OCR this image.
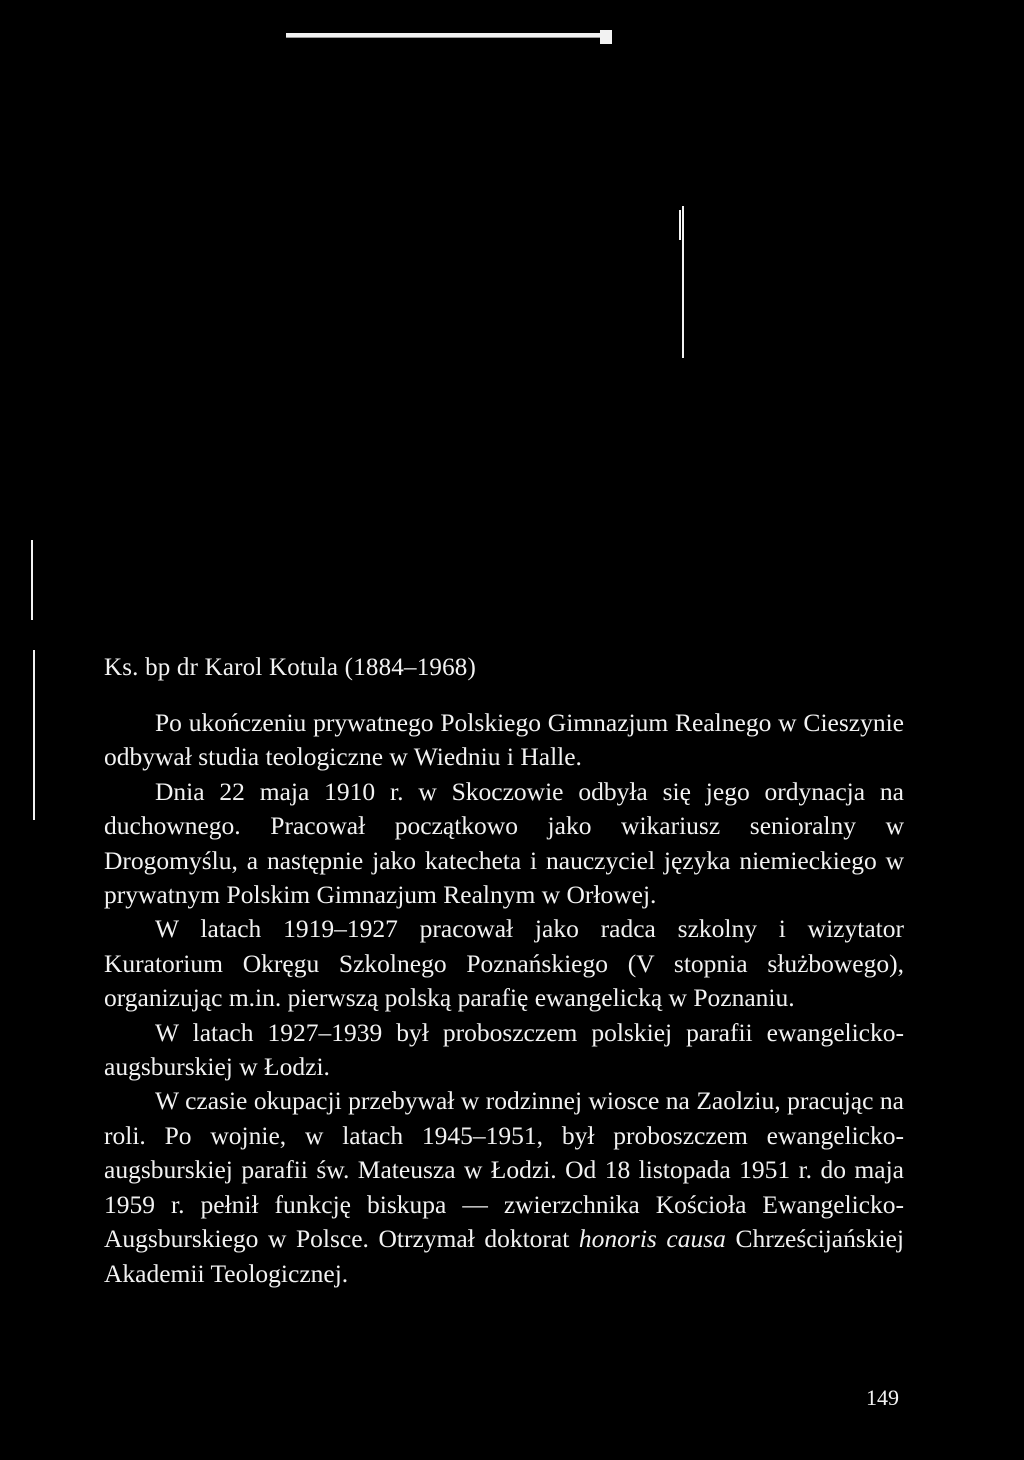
Ks. bp dr Karol Kotula (1884–1968)

Po ukończeniu prywatnego Polskiego Gimnazjum Realnego w Cieszynie odbywał studia teologiczne w Wiedniu i Halle.

Dnia 22 maja 1910 r. w Skoczowie odbyła się jego ordynacja na duchownego. Pracował początkowo jako wikariusz senioralny w Drogomyślu, a następnie jako katecheta i nauczyciel języka niemieckiego w prywatnym Polskim Gimnazjum Realnym w Orłowej.

W latach 1919–1927 pracował jako radca szkolny i wizytator Kuratorium Okręgu Szkolnego Poznańskiego (V stopnia służbowego), organizując m.in. pierwszą polską parafię ewangelicką w Poznaniu.

W latach 1927–1939 był proboszczem polskiej parafii ewangelicko-augsburskiej w Łodzi.

W czasie okupacji przebywał w rodzinnej wiosce na Zaolziu, pracując na roli. Po wojnie, w latach 1945–1951, był proboszczem ewangelicko-augsburskiej parafii św. Mateusza w Łodzi. Od 18 listopada 1951 r. do maja 1959 r. pełnił funkcję biskupa — zwierzchnika Kościoła Ewangelicko-Augsburskiego w Polsce. Otrzymał doktorat honoris causa Chrześcijańskiej Akademii Teologicznej.

149
